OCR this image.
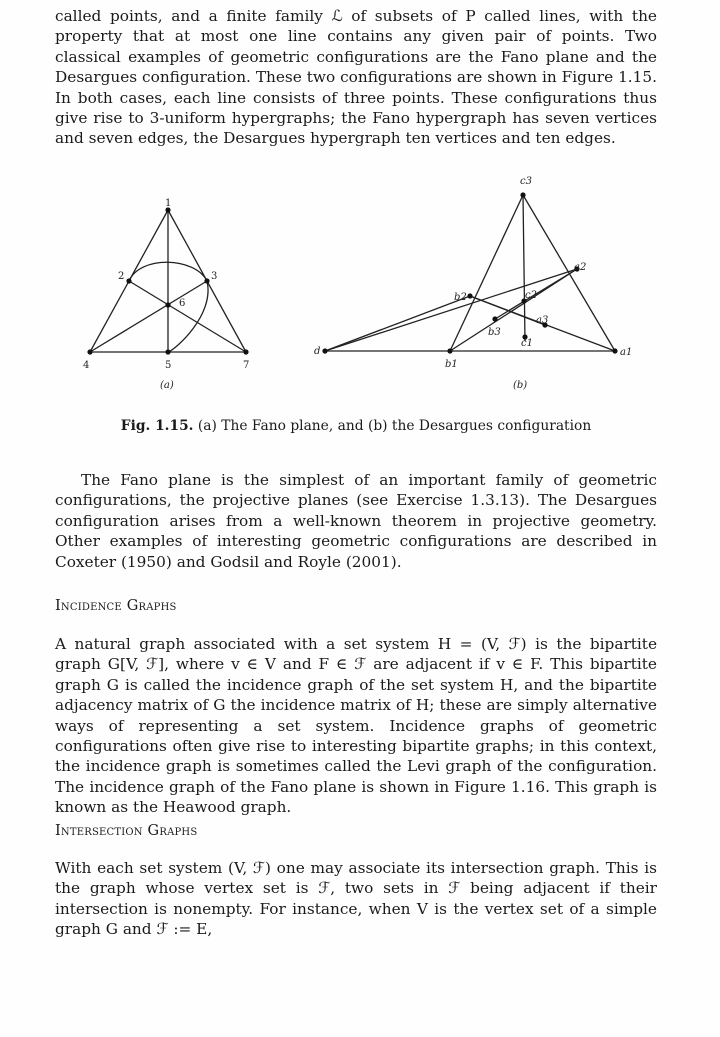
called points, and a finite family ℒ of subsets of P called lines, with the property that at most one line contains any given pair of points. Two classical examples of geometric configurations are the Fano plane and the Desargues configuration. These two configurations are shown in Figure 1.15. In both cases, each line consists of three points. These configurations thus give rise to 3-uniform hypergraphs; the Fano hypergraph has seven vertices and seven edges, the Desargues hypergraph ten vertices and ten edges.

1
2	3
4	5
6
7
(a)
c3
a2
b2	c2
a3
b3
c1
d
b1
a1
(b)
Fig. 1.15. (a) The Fano plane, and (b) the Desargues configuration

The Fano plane is the simplest of an important family of geometric configurations, the projective planes (see Exercise 1.3.13). The Desargues configuration arises from a well-known theorem in projective geometry. Other examples of interesting geometric configurations are described in Coxeter (1950) and Godsil and Royle (2001).

Incidence Graphs

A natural graph associated with a set system H = (V, ℱ) is the bipartite graph G[V, ℱ], where v ∈ V and F ∈ ℱ are adjacent if v ∈ F. This bipartite graph G is called the incidence graph of the set system H, and the bipartite adjacency matrix of G the incidence matrix of H; these are simply alternative ways of representing a set system. Incidence graphs of geometric configurations often give rise to interesting bipartite graphs; in this context, the incidence graph is sometimes called the Levi graph of the configuration. The incidence graph of the Fano plane is shown in Figure 1.16. This graph is known as the Heawood graph.

Intersection Graphs

With each set system (V, ℱ) one may associate its intersection graph. This is the graph whose vertex set is ℱ, two sets in ℱ being adjacent if their intersection is nonempty. For instance, when V is the vertex set of a simple graph G and ℱ := E,
